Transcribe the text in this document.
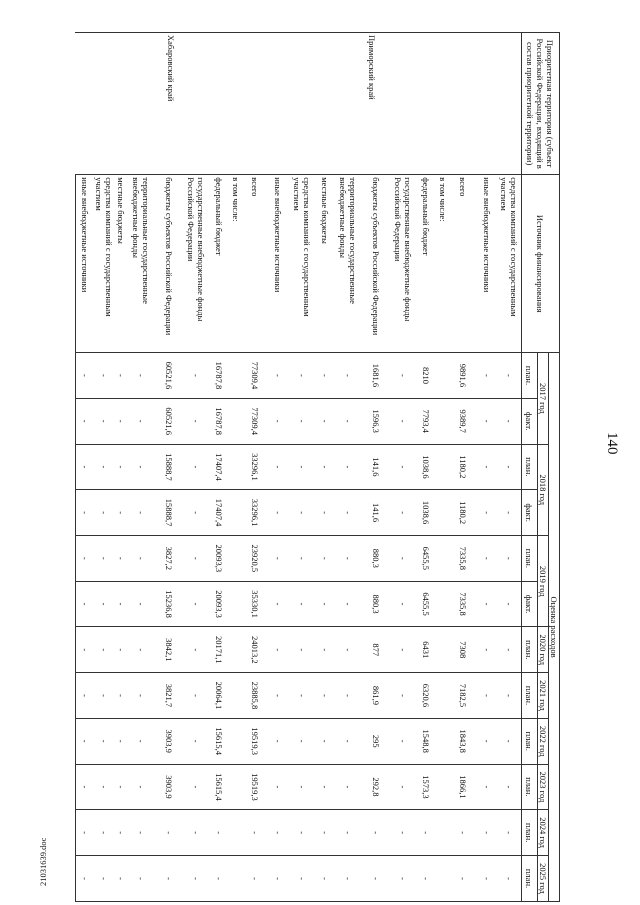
140
21031639.doc
Приоритетная территория (субъект Российской Федерации, входящий в состав приоритетной территории)	Источник финансирования	Оценка расходов											
		2017 год		2018 год		2019 год		2020 год	2021 год	2022 год	2023 год	2024 год	2025 год
		план.	факт.	план.	факт.	план.	факт.	план.	план.	план.	план.	план.	план.
	средства компаний с государственным участием	-	-	-	-	-	-	-	-	-	-	-	-
	иные внебюджетные источники	-	-	-	-	-	-	-	-	-	-	-	-
Приморский край	всего	9891,6	9389,7	1180,2	1180,2	7335,8	7335,8	7308	7182,5	1843,8	1866,1	-	-
	в том числе:												
	федеральный бюджет	8210	7793,4	1038,6	1038,6	6455,5	6455,5	6431	6320,6	1548,8	1573,3	-	-
	государственные внебюджетные фонды Российской Федерации	-	-	-	-	-	-	-	-	-	-	-	-
	бюджеты субъектов Российской Федерации	1681,6	1596,3	141,6	141,6	880,3	880,3	877	861,9	295	292,8	-	-
	территориальные государственные внебюджетные фонды	-	-	-	-	-	-	-	-	-	-	-	-
	местные бюджеты	-	-	-	-	-	-	-	-	-	-	-	-
	средства компаний с государственным участием	-	-	-	-	-	-	-	-	-	-	-	-
	иные внебюджетные источники	-	-	-	-	-	-	-	-	-	-	-	-
Хабаровский край	всего	77309,4	77309,4	33296,1	33296,1	23920,5	35330,1	24013,2	23885,8	19519,3	19519,3	-	-
	в том числе:												
	федеральный бюджет	16787,8	16787,8	17407,4	17407,4	20093,3	20093,3	20171,1	20064,1	15615,4	15615,4	-	-
	государственные внебюджетные фонды Российской Федерации	-	-	-	-	-	-	-	-	-	-	-	-
	бюджеты субъектов Российской Федерации	60521,6	60521,6	15888,7	15888,7	3827,2	15236,8	3842,1	3821,7	3903,9	3903,9	-	-
	территориальные государственные внебюджетные фонды	-	-	-	-	-	-	-	-	-	-	-	-
	местные бюджеты	-	-	-	-	-	-	-	-	-	-	-	-
	средства компаний с государственным участием	-	-	-	-	-	-	-	-	-	-	-	-
	иные внебюджетные источники	-	-	-	-	-	-	-	-	-	-	-	-
